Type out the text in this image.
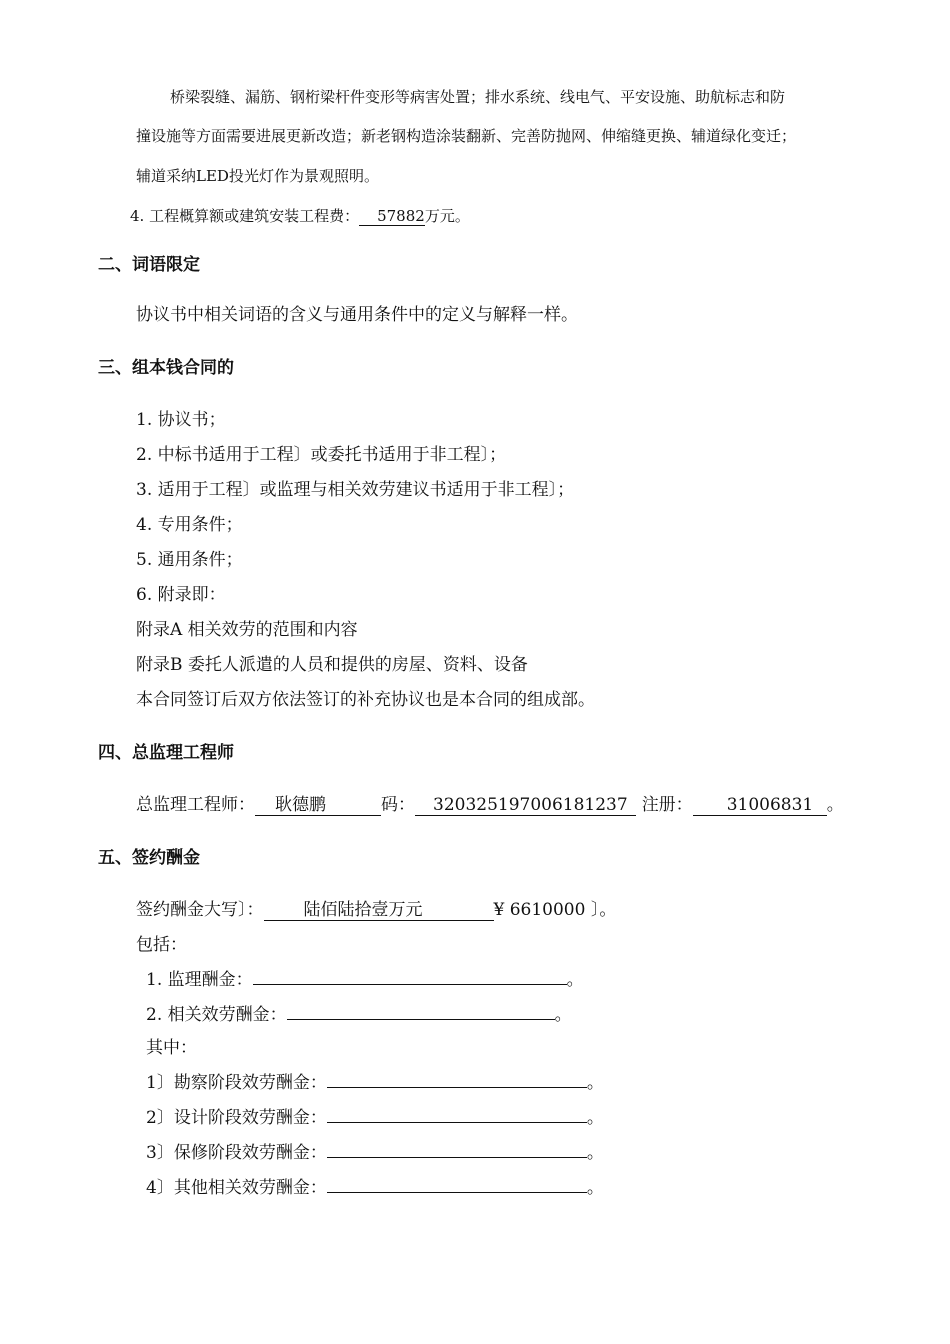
桥梁裂缝、漏筋、钢桁梁杆件变形等病害处置；排水系统、线电气、平安设施、助航标志和防
撞设施等方面需要进展更新改造；新老钢构造涂装翻新、完善防抛网、伸缩缝更换、辅道绿化变迁；
辅道采纳LED投光灯作为景观照明。
4. 工程概算额或建筑安装工程费： 57882万元。
二、词语限定
协议书中相关词语的含义与通用条件中的定义与解释一样。
三、组本钱合同的
1. 协议书；
2. 中标书适用于工程〕或委托书适用于非工程〕；
3. 适用于工程〕或监理与相关效劳建议书适用于非工程〕；
4. 专用条件；
5. 通用条件；
6. 附录即：
附录A 相关效劳的范围和内容
附录B 委托人派遣的人员和提供的房屋、资料、设备
本合同签订后双方依法签订的补充协议也是本合同的组成部。
四、总监理工程师
总监理工程师： 耿德鹏	码： 320325197006181237 注册： 31006831 。
五、签约酬金
签约酬金大写〕： 陆佰陆拾壹万元	¥ 6610000 〕。
包括：
1. 监理酬金：	。
2. 相关效劳酬金：	。
其中：
1〕勘察阶段效劳酬金：	。
2〕设计阶段效劳酬金：	。
3〕保修阶段效劳酬金：	。
4〕其他相关效劳酬金：	。
